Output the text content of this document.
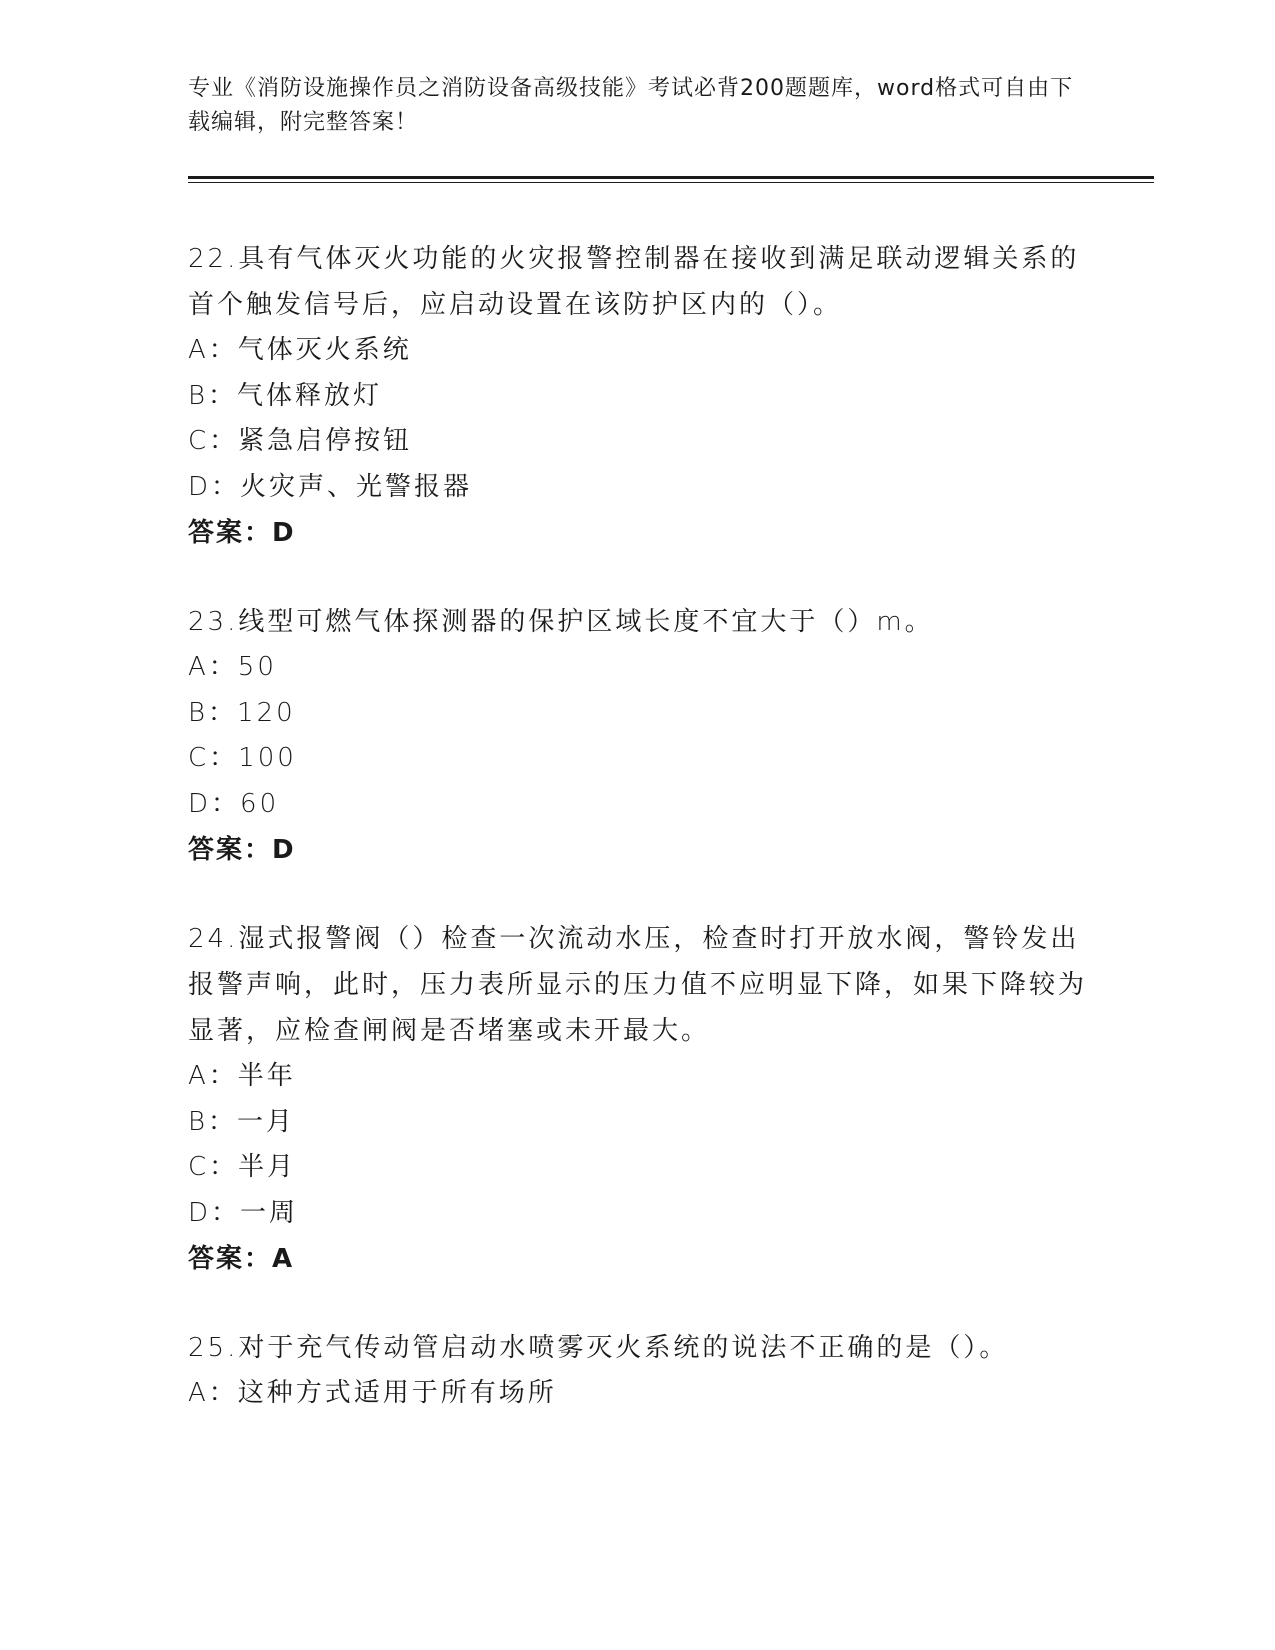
专业《消防设施操作员之消防设备高级技能》考试必背200题题库，word格式可自由下载编辑，附完整答案！
22.具有气体灭火功能的火灾报警控制器在接收到满足联动逻辑关系的首个触发信号后，应启动设置在该防护区内的（）。
A：气体灭火系统
B：气体释放灯
C：紧急启停按钮
D：火灾声、光警报器
答案：D
23.线型可燃气体探测器的保护区域长度不宜大于（）m。
A：50
B：120
C：100
D：60
答案：D
24.湿式报警阀（）检查一次流动水压，检查时打开放水阀，警铃发出报警声响，此时，压力表所显示的压力值不应明显下降，如果下降较为显著，应检查闸阀是否堵塞或未开最大。
A：半年
B：一月
C：半月
D：一周
答案：A
25.对于充气传动管启动水喷雾灭火系统的说法不正确的是（）。
A：这种方式适用于所有场所
